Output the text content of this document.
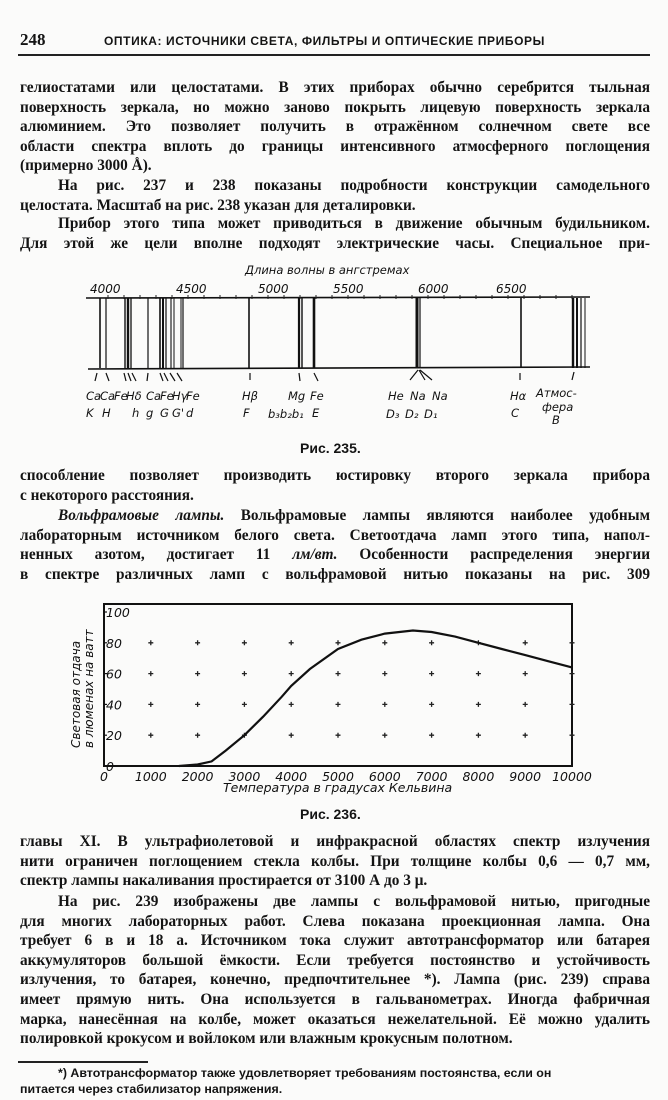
248	ОПТИКА: ИСТОЧНИКИ СВЕТА, ФИЛЬТРЫ И ОПТИЧЕСКИЕ ПРИБОРЫ
гелиостатами или целостатами. В этих приборах обычно серебрится тыльная
поверхность зеркала, но можно заново покрыть лицевую поверхность зеркала
алюминием. Это позволяет получить в отражённом солнечном свете все
области спектра вплоть до границы интенсивного атмосферного поглощения
(примерно 3000 Å).
На рис. 237 и 238 показаны подробности конструкции самодельного
целостата. Масштаб на рис. 238 указан для деталировки.
Прибор этого типа может приводиться в движение обычным будильником.
Для этой же цели вполне подходят электрические часы. Специальное при-
Длина волны в ангстремах
4000	4500	5000	5500	6000	6500
Ca
Ca
Fe
Hδ Ca
Fe
Hγ
Fe	Hβ	Mg Fe	He Na Na	Hα Атмос-
фера
K H h g G G' d	F b₃b₂b₁ E	D₃ D₂ D₁	C	B
Рис. 235.
способление позволяет производить юстировку второго зеркала прибора
с некоторого расстояния.
Вольфрамовые лампы. Вольфрамовые лампы являются наиболее удобным
лабораторным источником белого света. Светоотдача ламп этого типа, напол-
ненных азотом, достигает 11 лм/вт. Особенности распределения энергии
в спектре различных ламп с вольфрамовой нитью показаны на рис. 309
0
20
40
60
80
100
0 1000 2000 3000 4000 5000 6000 7000 8000 9000 10000
Температура в градусах Кельвина
Световая отдача в люменах на ватт
Рис. 236.
главы XI. В ультрафиолетовой и инфракрасной областях спектр излучения
нити ограничен поглощением стекла колбы. При толщине колбы 0,6 — 0,7 мм,
спектр лампы накаливания простирается от 3100 А до 3 μ.
На рис. 239 изображены две лампы с вольфрамовой нитью, пригодные
для многих лабораторных работ. Слева показана проекционная лампа. Она
требует 6 в и 18 а. Источником тока служит автотрансформатор или батарея
аккумуляторов большой ёмкости. Если требуется постоянство и устойчивость
излучения, то батарея, конечно, предпочтительнее *). Лампа (рис. 239) справа
имеет прямую нить. Она используется в гальванометрах. Иногда фабричная
марка, нанесённая на колбе, может оказаться нежелательной. Её можно удалить
полировкой крокусом и войлоком или влажным крокусным полотном.
*) Автотрансформатор также удовлетворяет требованиям постоянства, если он
питается через стабилизатор напряжения.
